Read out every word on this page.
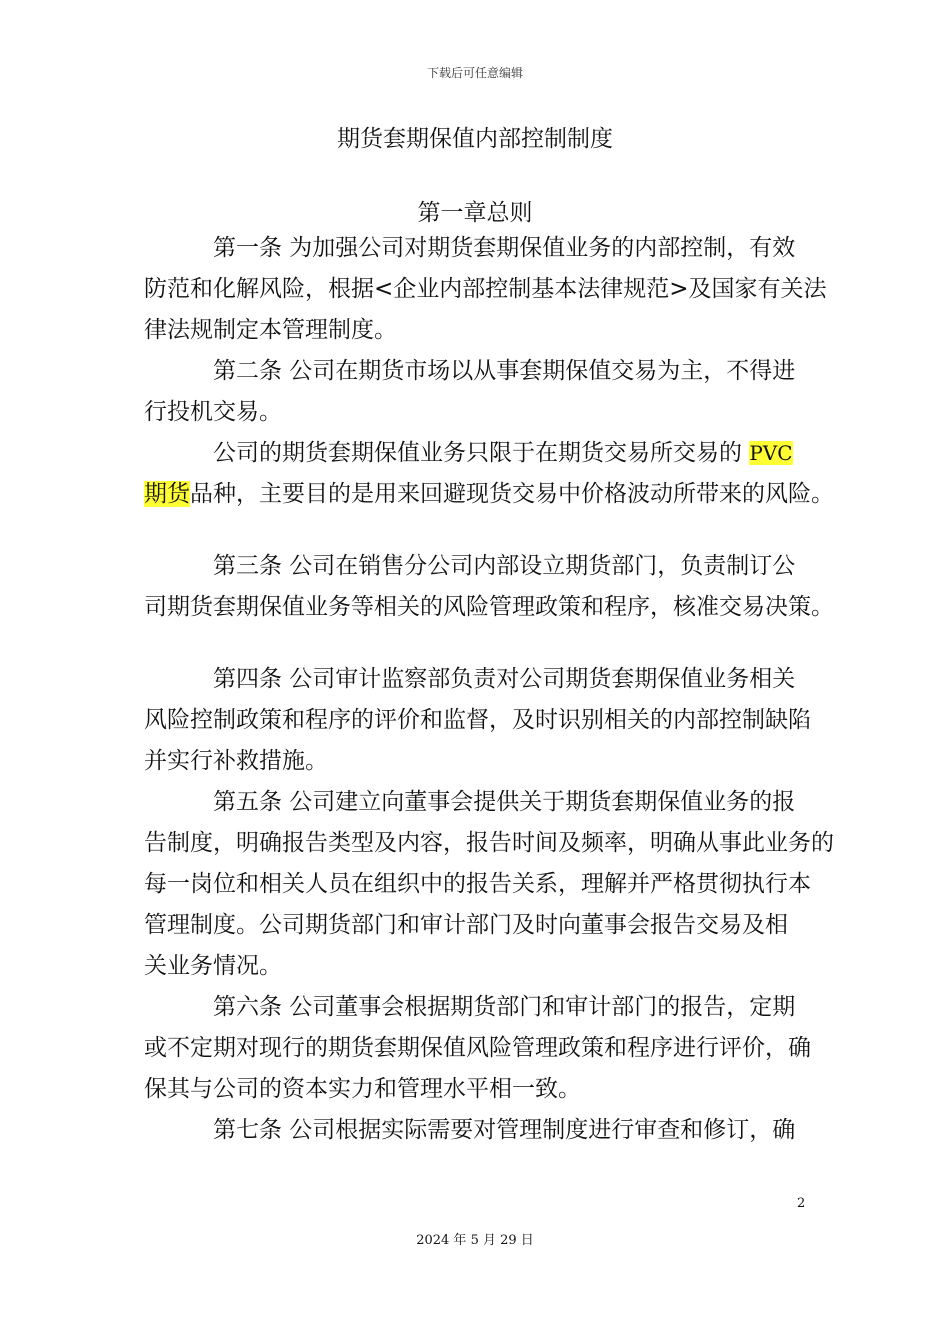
下载后可任意编辑
期货套期保值内部控制制度
第一章总则

第一条 为加强公司对期货套期保值业务的内部控制，有效
防范和化解风险，根据<企业内部控制基本法律规范>及国家有关法
律法规制定本管理制度。

第二条 公司在期货市场以从事套期保值交易为主，不得进
行投机交易。

公司的期货套期保值业务只限于在期货交易所交易的 PVC
期货品种，主要目的是用来回避现货交易中价格波动所带来的风险。

第三条 公司在销售分公司内部设立期货部门，负责制订公
司期货套期保值业务等相关的风险管理政策和程序，核准交易决策。

第四条 公司审计监察部负责对公司期货套期保值业务相关
风险控制政策和程序的评价和监督，及时识别相关的内部控制缺陷
并实行补救措施。

第五条 公司建立向董事会提供关于期货套期保值业务的报
告制度，明确报告类型及内容，报告时间及频率，明确从事此业务的
每一岗位和相关人员在组织中的报告关系，理解并严格贯彻执行本
管理制度。公司期货部门和审计部门及时向董事会报告交易及相
关业务情况。

第六条 公司董事会根据期货部门和审计部门的报告，定期
或不定期对现行的期货套期保值风险管理政策和程序进行评价，确
保其与公司的资本实力和管理水平相一致。

第七条 公司根据实际需要对管理制度进行审查和修订，确

2
2024 年 5 月 29 日
